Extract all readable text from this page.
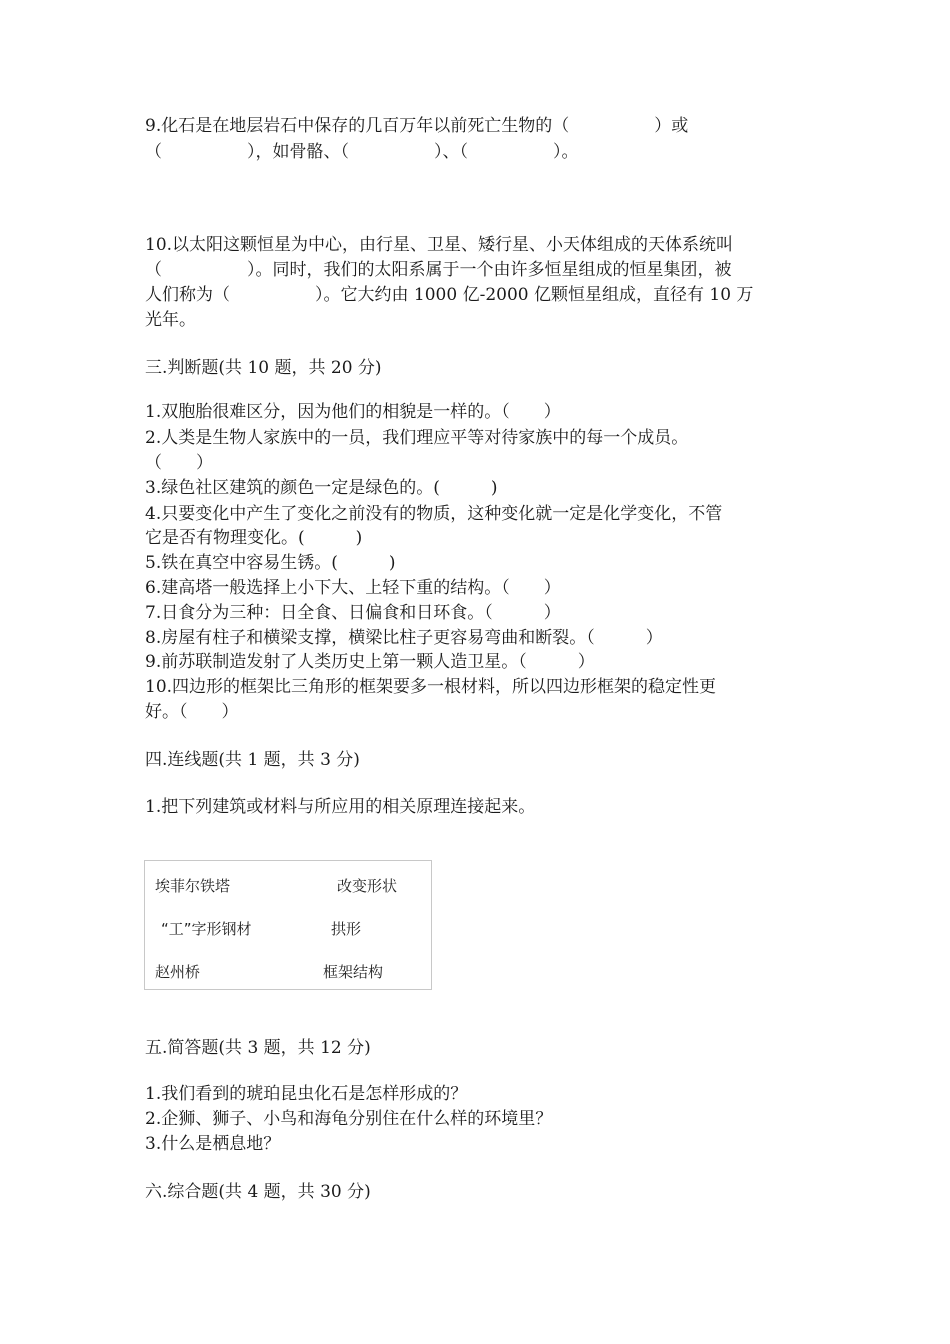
9.化石是在地层岩石中保存的几百万年以前死亡生物的（　　　　　）或
（　　　　　），如骨骼、（　　　　　）、（　　　　　）。
10.以太阳这颗恒星为中心，由行星、卫星、矮行星、小天体组成的天体系统叫
（　　　　　）。同时，我们的太阳系属于一个由许多恒星组成的恒星集团，被
人们称为（　　　　　）。它大约由 1000 亿-2000 亿颗恒星组成，直径有 10 万
光年。
三.判断题(共 10 题，共 20 分)
1.双胞胎很难区分，因为他们的相貌是一样的。（　　）
2.人类是生物人家族中的一员，我们理应平等对待家族中的每一个成员。
（　　）
3.绿色社区建筑的颜色一定是绿色的。(　　　)
4.只要变化中产生了变化之前没有的物质，这种变化就一定是化学变化，不管
它是否有物理变化。(　　　)
5.铁在真空中容易生锈。(　　　)
6.建高塔一般选择上小下大、上轻下重的结构。（　　）
7.日食分为三种：日全食、日偏食和日环食。（　　　）
8.房屋有柱子和横梁支撑，横梁比柱子更容易弯曲和断裂。（　　　）
9.前苏联制造发射了人类历史上第一颗人造卫星。（　　　）
10.四边形的框架比三角形的框架要多一根材料，所以四边形框架的稳定性更
好。（　　）
四.连线题(共 1 题，共 3 分)
1.把下列建筑或材料与所应用的相关原理连接起来。
埃菲尔铁塔	改变形状
“工”字形钢材	拱形
赵州桥	框架结构
五.简答题(共 3 题，共 12 分)
1.我们看到的琥珀昆虫化石是怎样形成的？
2.企狮、狮子、小鸟和海龟分别住在什么样的环境里？
3.什么是栖息地？
六.综合题(共 4 题，共 30 分)
